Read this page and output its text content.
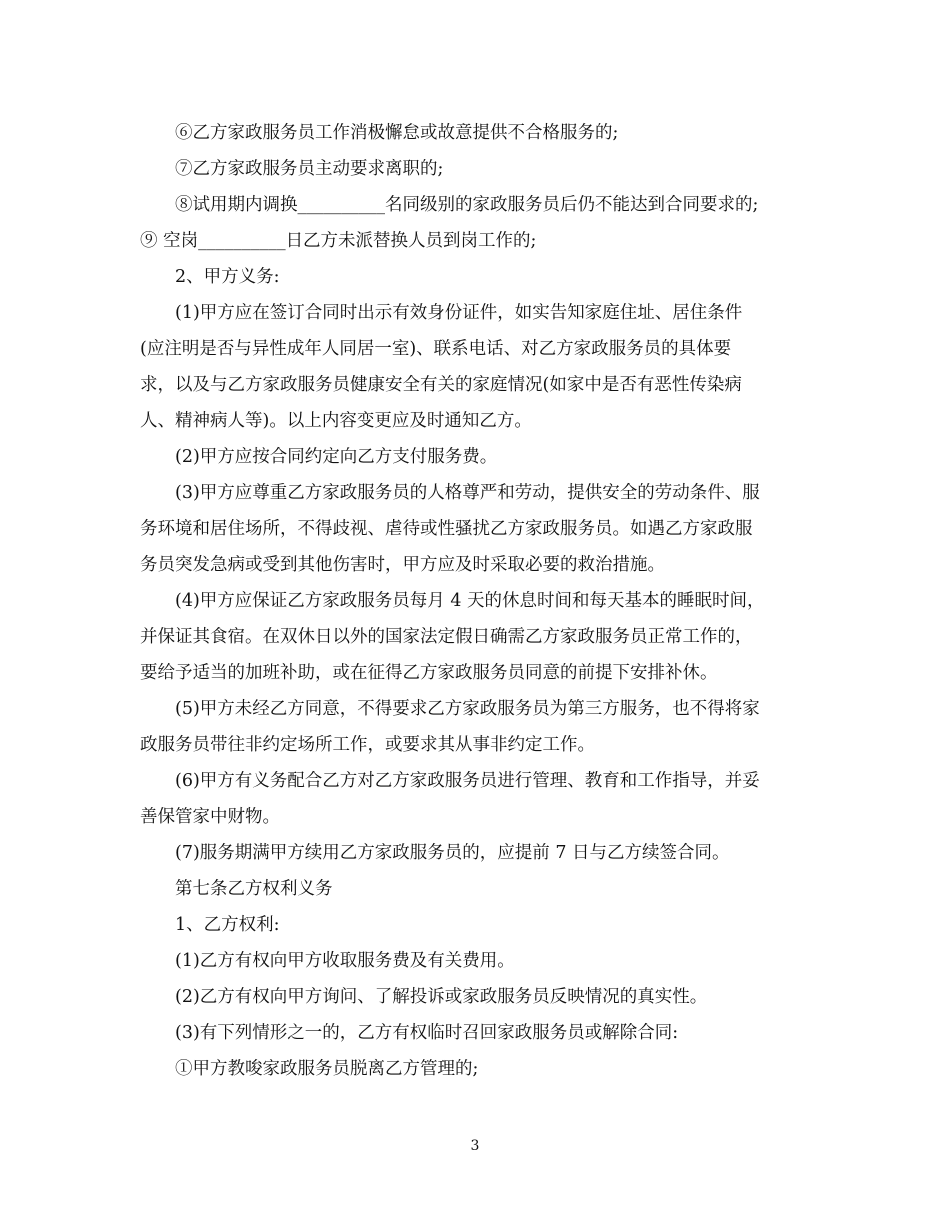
⑥乙方家政服务员工作消极懈怠或故意提供不合格服务的;
⑦乙方家政服务员主动要求离职的;
⑧试用期内调换__________名同级别的家政服务员后仍不能达到合同要求的;
⑨ 空岗__________日乙方未派替换人员到岗工作的;
2、甲方义务:
(1)甲方应在签订合同时出示有效身份证件，如实告知家庭住址、居住条件
(应注明是否与异性成年人同居一室)、联系电话、对乙方家政服务员的具体要
求，以及与乙方家政服务员健康安全有关的家庭情况(如家中是否有恶性传染病
人、精神病人等)。以上内容变更应及时通知乙方。
(2)甲方应按合同约定向乙方支付服务费。
(3)甲方应尊重乙方家政服务员的人格尊严和劳动，提供安全的劳动条件、服
务环境和居住场所，不得歧视、虐待或性骚扰乙方家政服务员。如遇乙方家政服
务员突发急病或受到其他伤害时，甲方应及时采取必要的救治措施。
(4)甲方应保证乙方家政服务员每月 4 天的休息时间和每天基本的睡眠时间，
并保证其食宿。在双休日以外的国家法定假日确需乙方家政服务员正常工作的，
要给予适当的加班补助，或在征得乙方家政服务员同意的前提下安排补休。
(5)甲方未经乙方同意，不得要求乙方家政服务员为第三方服务，也不得将家
政服务员带往非约定场所工作，或要求其从事非约定工作。
(6)甲方有义务配合乙方对乙方家政服务员进行管理、教育和工作指导，并妥
善保管家中财物。
(7)服务期满甲方续用乙方家政服务员的，应提前 7 日与乙方续签合同。
第七条乙方权利义务
1、乙方权利:
(1)乙方有权向甲方收取服务费及有关费用。
(2)乙方有权向甲方询问、了解投诉或家政服务员反映情况的真实性。
(3)有下列情形之一的，乙方有权临时召回家政服务员或解除合同:
①甲方教唆家政服务员脱离乙方管理的;
3
